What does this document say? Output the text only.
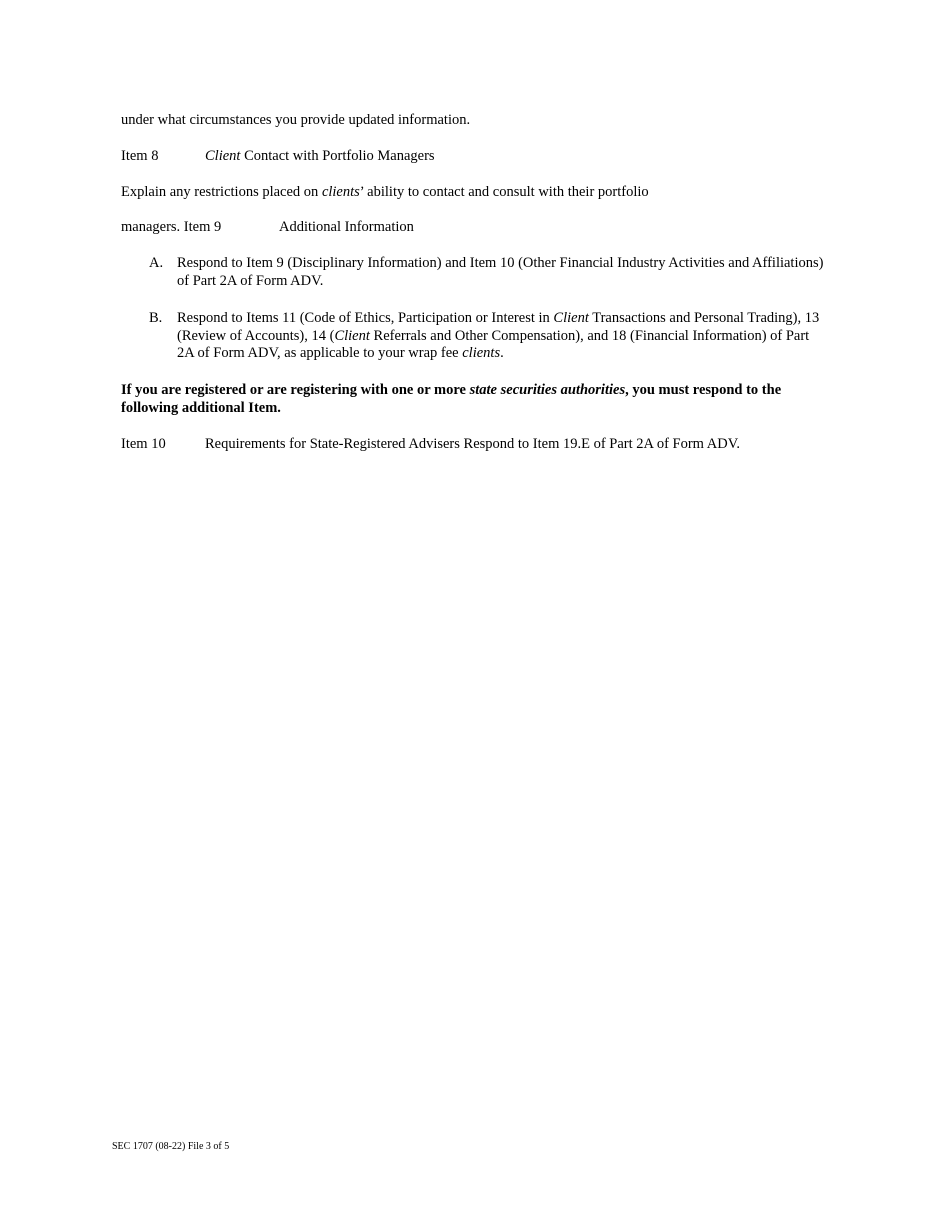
under what circumstances you provide updated information.
Item 8	Client Contact with Portfolio Managers
Explain any restrictions placed on clients’ ability to contact and consult with their portfolio
managers. Item 9	Additional Information
A. Respond to Item 9 (Disciplinary Information) and Item 10 (Other Financial Industry Activities and Affiliations) of Part 2A of Form ADV.
B. Respond to Items 11 (Code of Ethics, Participation or Interest in Client Transactions and Personal Trading), 13 (Review of Accounts), 14 (Client Referrals and Other Compensation), and 18 (Financial Information) of Part 2A of Form ADV, as applicable to your wrap fee clients.
If you are registered or are registering with one or more state securities authorities, you must respond to the following additional Item.
Item 10	Requirements for State-Registered Advisers Respond to Item 19.E of Part 2A of Form ADV.
SEC 1707 (08-22) File 3 of 5
